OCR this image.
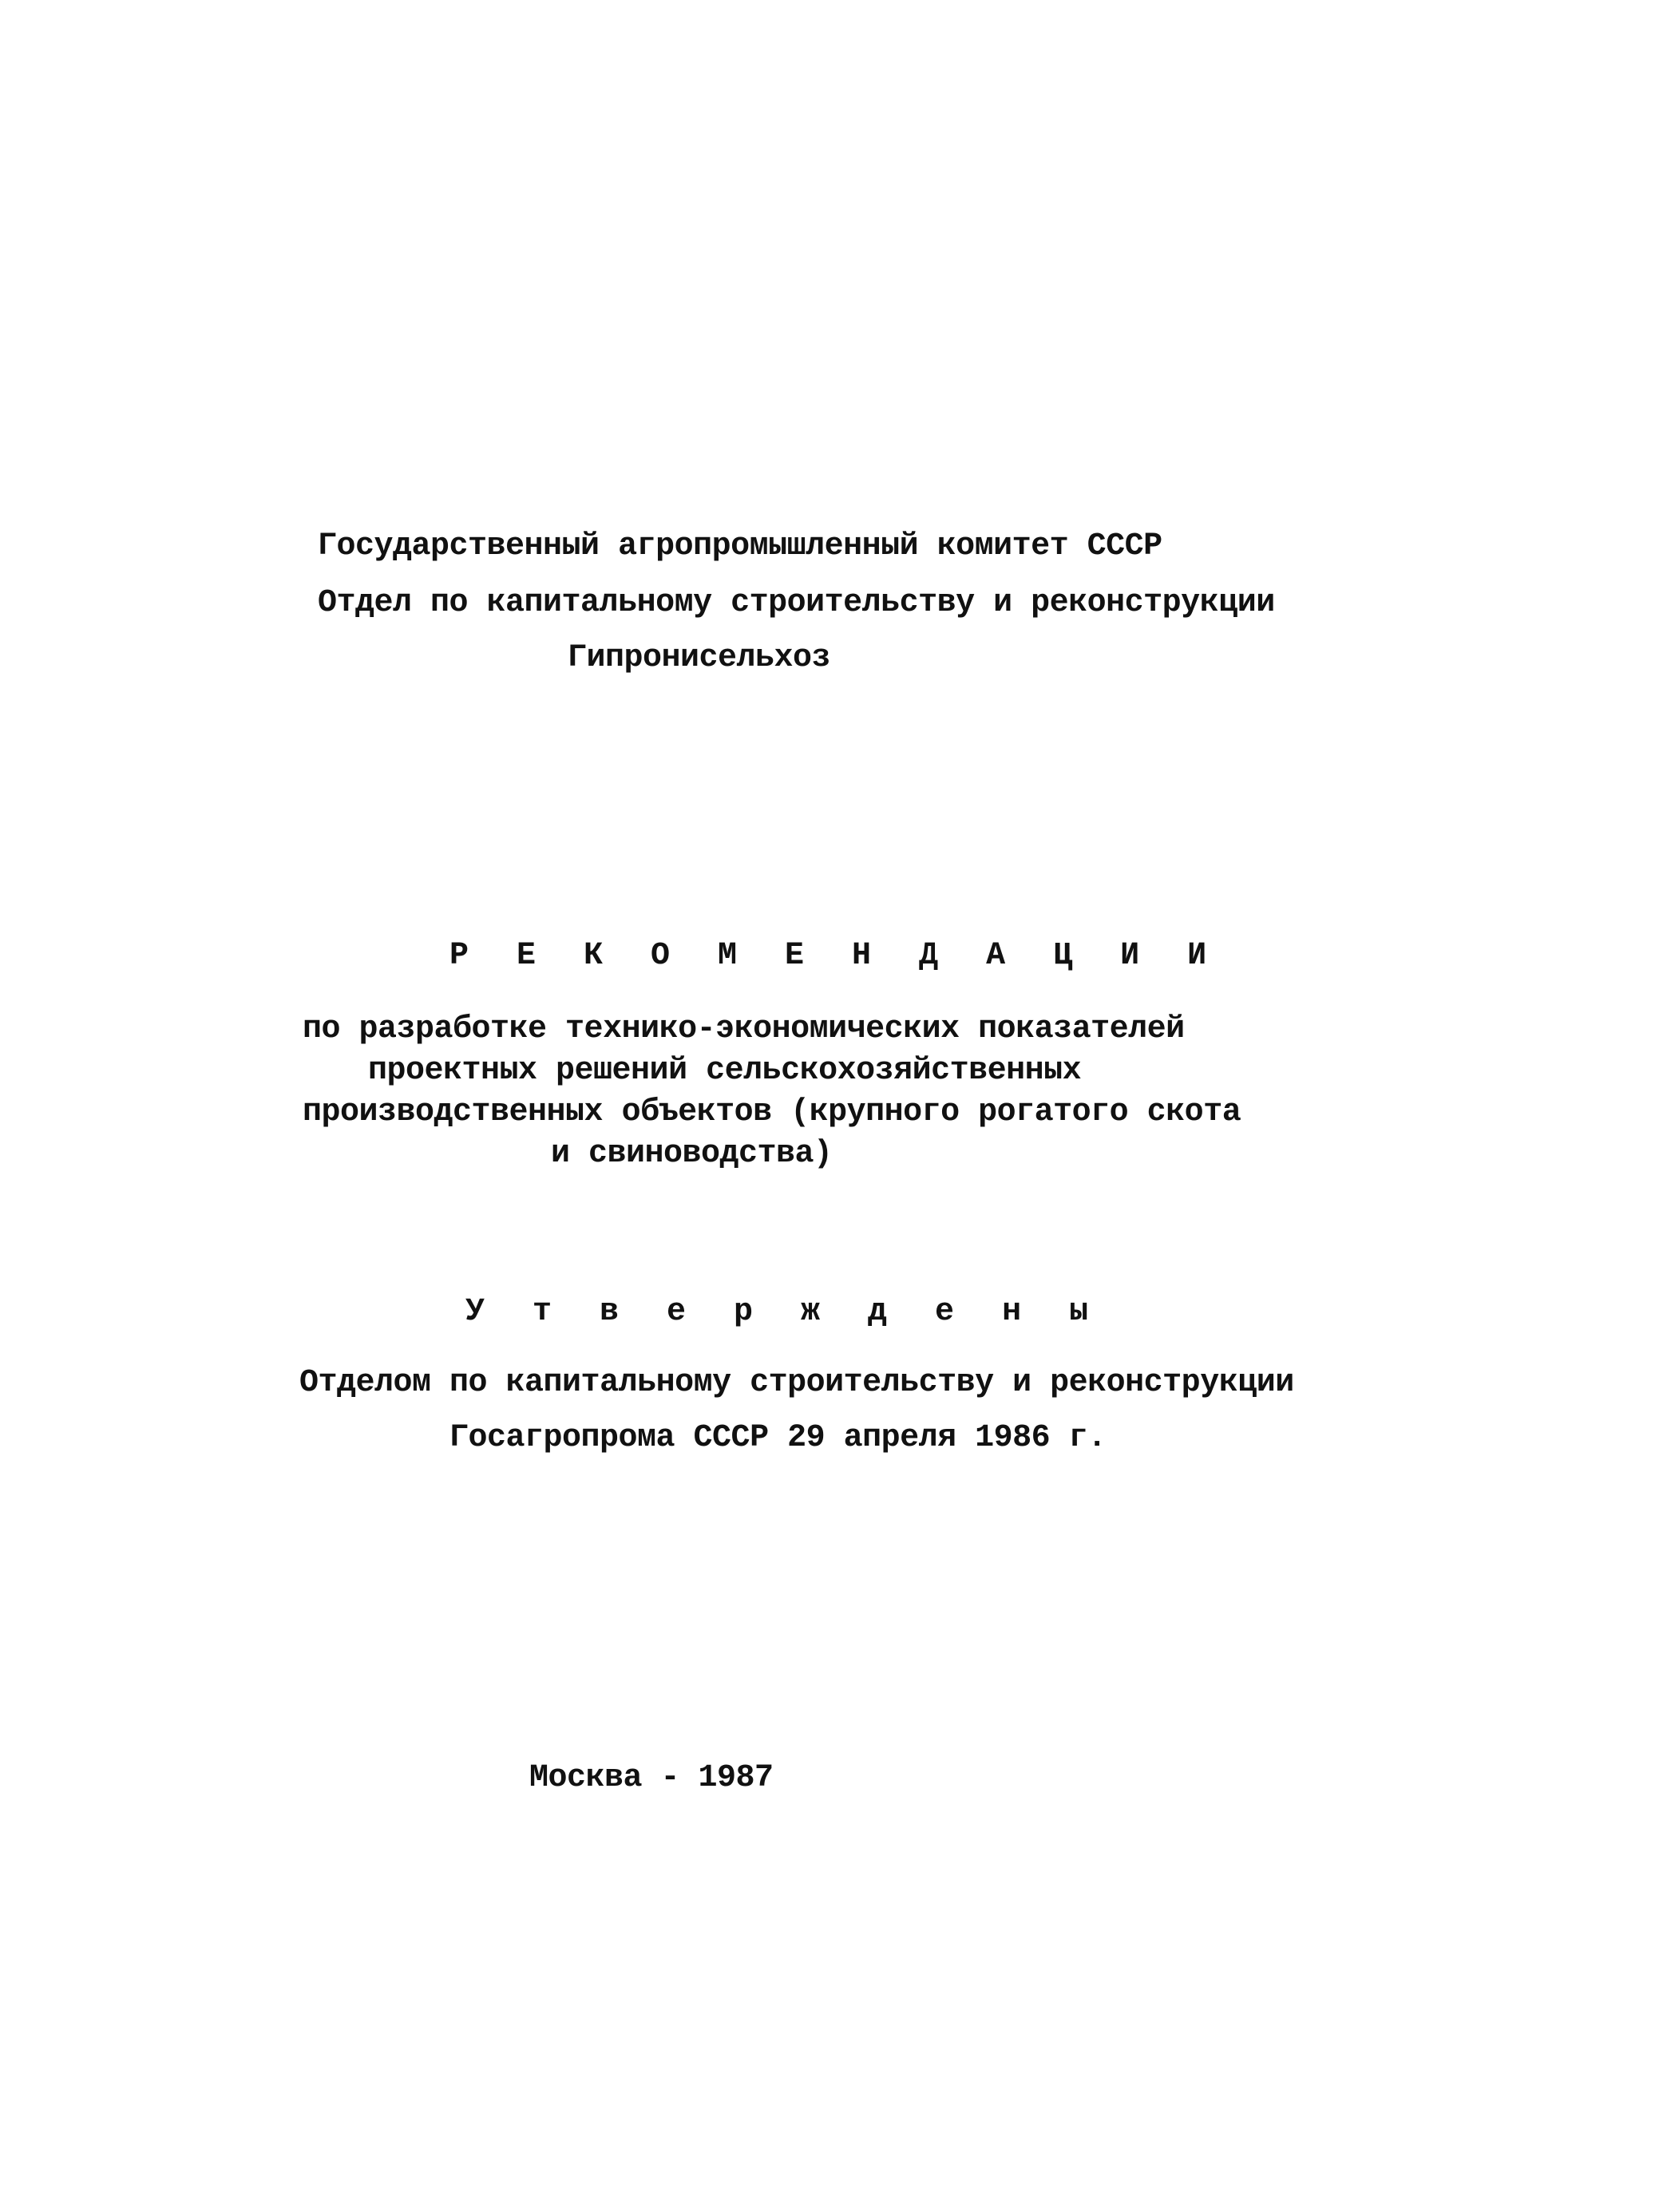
Государственный агропромышленный комитет СССР
Отдел по капитальному строительству и реконструкции
Гипронисельхоз
Р Е К О М Е Н Д А Ц И И
по разработке технико-экономических показателей
проектных решений сельскохозяйственных
производственных объектов (крупного рогатого скота
и свиноводства)
У т в е р ж д е н ы
Отделом по капитальному строительству и реконструкции
Госагропрома СССР 29 апреля 1986 г.
Москва - 1987
